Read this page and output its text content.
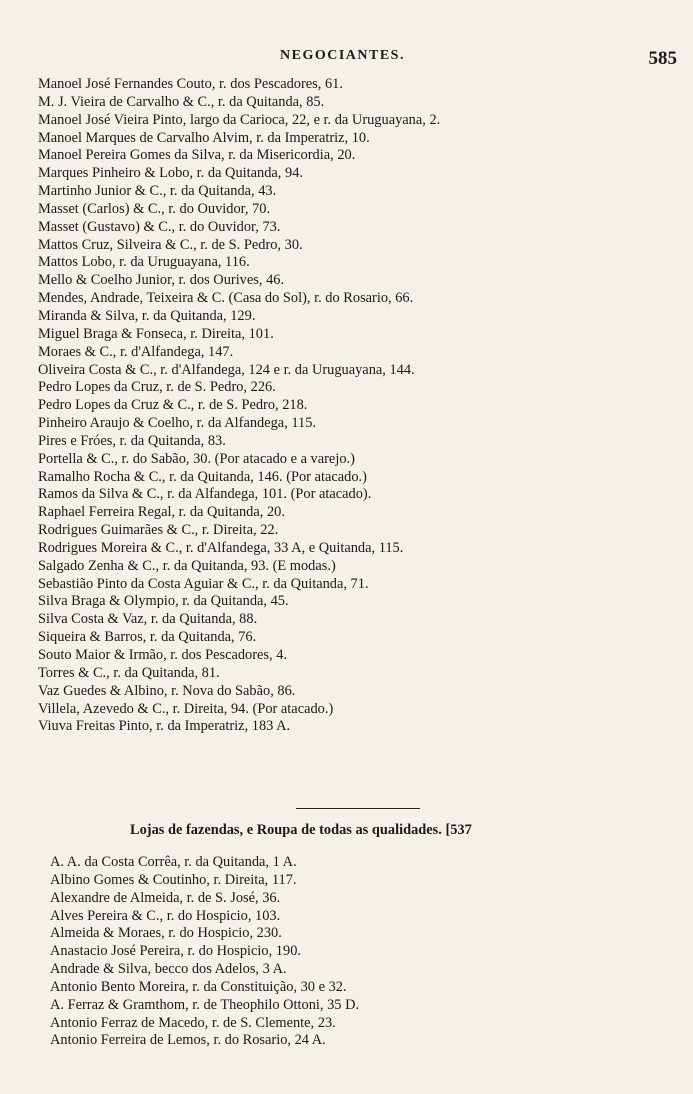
NEGOCIANTES.	585
Manoel José Fernandes Couto, r. dos Pescadores, 61.
M. J. Vieira de Carvalho & C., r. da Quitanda, 85.
Manoel José Vieira Pinto, largo da Carioca, 22, e r. da Uruguayana, 2.
Manoel Marques de Carvalho Alvim, r. da Imperatriz, 10.
Manoel Pereira Gomes da Silva, r. da Misericordia, 20.
Marques Pinheiro & Lobo, r. da Quitanda, 94.
Martinho Junior & C., r. da Quitanda, 43.
Masset (Carlos) & C., r. do Ouvidor, 70.
Masset (Gustavo) & C., r. do Ouvidor, 73.
Mattos Cruz, Silveira & C., r. de S. Pedro, 30.
Mattos Lobo, r. da Uruguayana, 116.
Mello & Coelho Junior, r. dos Ourives, 46.
Mendes, Andrade, Teixeira & C. (Casa do Sol), r. do Rosario, 66.
Miranda & Silva, r. da Quitanda, 129.
Miguel Braga & Fonseca, r. Direita, 101.
Moraes & C., r. d'Alfandega, 147.
Oliveira Costa & C., r. d'Alfandega, 124 e r. da Uruguayana, 144.
Pedro Lopes da Cruz, r. de S. Pedro, 226.
Pedro Lopes da Cruz & C., r. de S. Pedro, 218.
Pinheiro Araujo & Coelho, r. da Alfandega, 115.
Pires e Fróes, r. da Quitanda, 83.
Portella & C., r. do Sabão, 30. (Por atacado e a varejo.)
Ramalho Rocha & C., r. da Quitanda, 146. (Por atacado.)
Ramos da Silva & C., r. da Alfandega, 101. (Por atacado).
Raphael Ferreira Regal, r. da Quitanda, 20.
Rodrigues Guimarães & C., r. Direita, 22.
Rodrigues Moreira & C., r. d'Alfandega, 33 A, e Quitanda, 115.
Salgado Zenha & C., r. da Quitanda, 93. (E modas.)
Sebastião Pinto da Costa Aguiar & C., r. da Quitanda, 71.
Silva Braga & Olympio, r. da Quitanda, 45.
Silva Costa & Vaz, r. da Quitanda, 88.
Siqueira & Barros, r. da Quitanda, 76.
Souto Maior & Irmão, r. dos Pescadores, 4.
Torres & C., r. da Quitanda, 81.
Vaz Guedes & Albino, r. Nova do Sabão, 86.
Villela, Azevedo & C., r. Direita, 94. (Por atacado.)
Viuva Freitas Pinto, r. da Imperatriz, 183 A.
Lojas de fazendas, e Roupa de todas as qualidades. [537
A. A. da Costa Corrêa, r. da Quitanda, 1 A.
Albino Gomes & Coutinho, r. Direita, 117.
Alexandre de Almeida, r. de S. José, 36.
Alves Pereira & C., r. do Hospicio, 103.
Almeida & Moraes, r. do Hospicio, 230.
Anastacio José Pereira, r. do Hospicio, 190.
Andrade & Silva, becco dos Adelos, 3 A.
Antonio Bento Moreira, r. da Constituição, 30 e 32.
A. Ferraz & Gramthom, r. de Theophilo Ottoni, 35 D.
Antonio Ferraz de Macedo, r. de S. Clemente, 23.
Antonio Ferreira de Lemos, r. do Rosario, 24 A.
